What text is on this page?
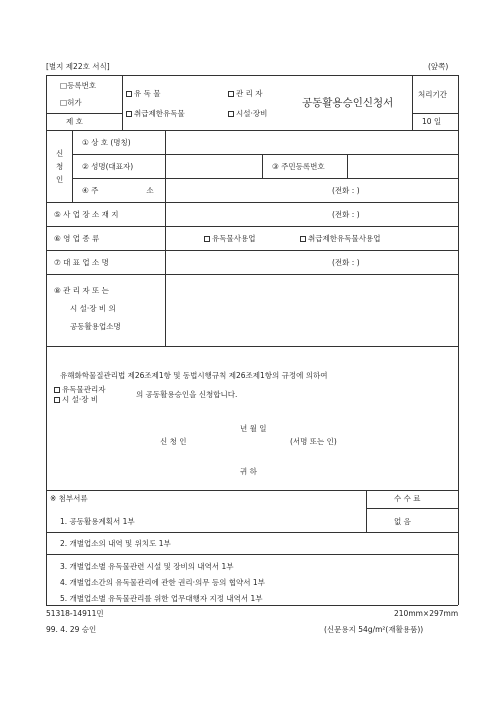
[별지 제22호 서식]	(앞쪽)
□등록번호
□허가
제 호
유 독 물	관 리 자
취급제한유독물	시설·장비
공동활용승인신청서
처리기간
10 일
신
청
인
① 상 호 (명칭)
② 성명(대표자)	③ 주민등록번호
④ 주	소	(전화 : )
⑤ 사 업 장 소 재 지	(전화 : )
⑥ 영 업 종 류	유독물사용업	취급제한유독물사용업
⑦ 대 표 업 소 명	(전화 : )
⑧ 관 리 자 또 는
시 설·장 비 의
공동활용업소명
유해화학물질관리법 제26조제1항 및 동법시행규칙 제26조제1항의 규정에 의하여
유독물관리자
시 설·장 비
의 공동활용승인을 신청합니다.
년 월 일
신 청 인	(서명 또는 인)
귀 하
※ 첨부서류	수 수 료
없 음
1. 공동활용계획서 1부
2. 개별업소의 내역 및 위치도 1부
3. 개별업소별 유독물관련 시설 및 장비의 내역서 1부
4. 개별업소간의 유독물관리에 관한 권리·의무 등의 협약서 1부
5. 개별업소별 유독물관리를 위한 업무대행자 지정 내역서 1부
51318-14911민	210mm×297mm
99. 4. 29 승인	(신문용지 54g/m²(재활용품))
